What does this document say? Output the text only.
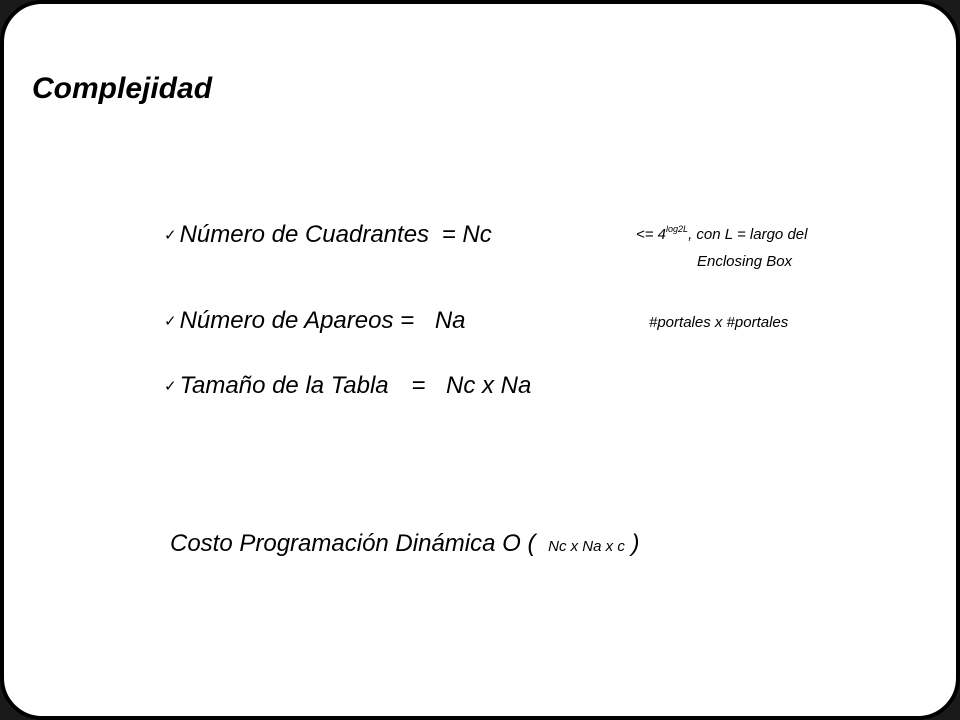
Complejidad
✓ Número de Cuadrantes = Nc	<= $4^{log2L}$, con L = largo del
Enclosing Box
✓ Número de Apareos = Na	#portales x #portales
✓ Tamaño de la Tabla = Nc x Na
Costo Programación Dinámica O ( Nc x Na x c )
